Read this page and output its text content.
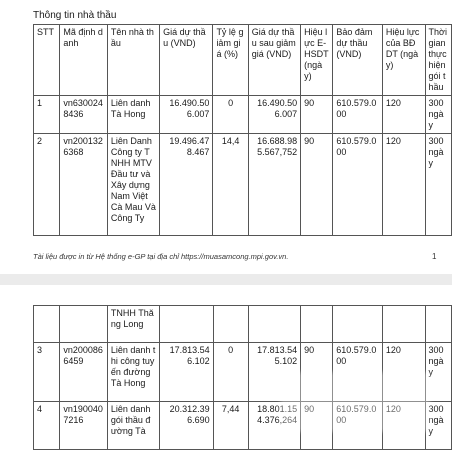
Thông tin nhà thầu
STT	Mã định danh	Tên nhà thầu	Giá dự thầu (VND)	Tỷ lệ giảm giá (%)	Giá dự thầu sau giảm giá (VND)	Hiệu lực E-HSDT (ngày)	Bảo đảm dự thầu (VND)	Hiệu lực của BĐ DT (ngày)	Thời gian thực hiện gói thầu
1	vn6300248436	Liên danh Tà Hong	16.490.506.007	0	16.490.506.007	90	610.579.000	120	300 ngày
2	vn2001326368	Liên Danh Công ty TNHH MTV Đầu tư và Xây dựng Nam Việt Cà Mau Và Công Ty	19.496.478.467	14,4	16.688.985.567,752	90	610.579.000	120	300 ngày
Tài liệu được in từ Hệ thống e-GP tại địa chỉ https://muasamcong.mpi.gov.vn.	1
		TNHH Thăng Long							
3	vn2000866459	Liên danh thi công tuyến đường Tà Hong	17.813.546.102	0	17.813.545.102	90	610.579.000	120	300 ngày
4	vn1900407216	Liên danh gói thầu đường Tà	20.312.396.690	7,44	18.801.154.376,264	90	610.579.000	120	300 ngày
